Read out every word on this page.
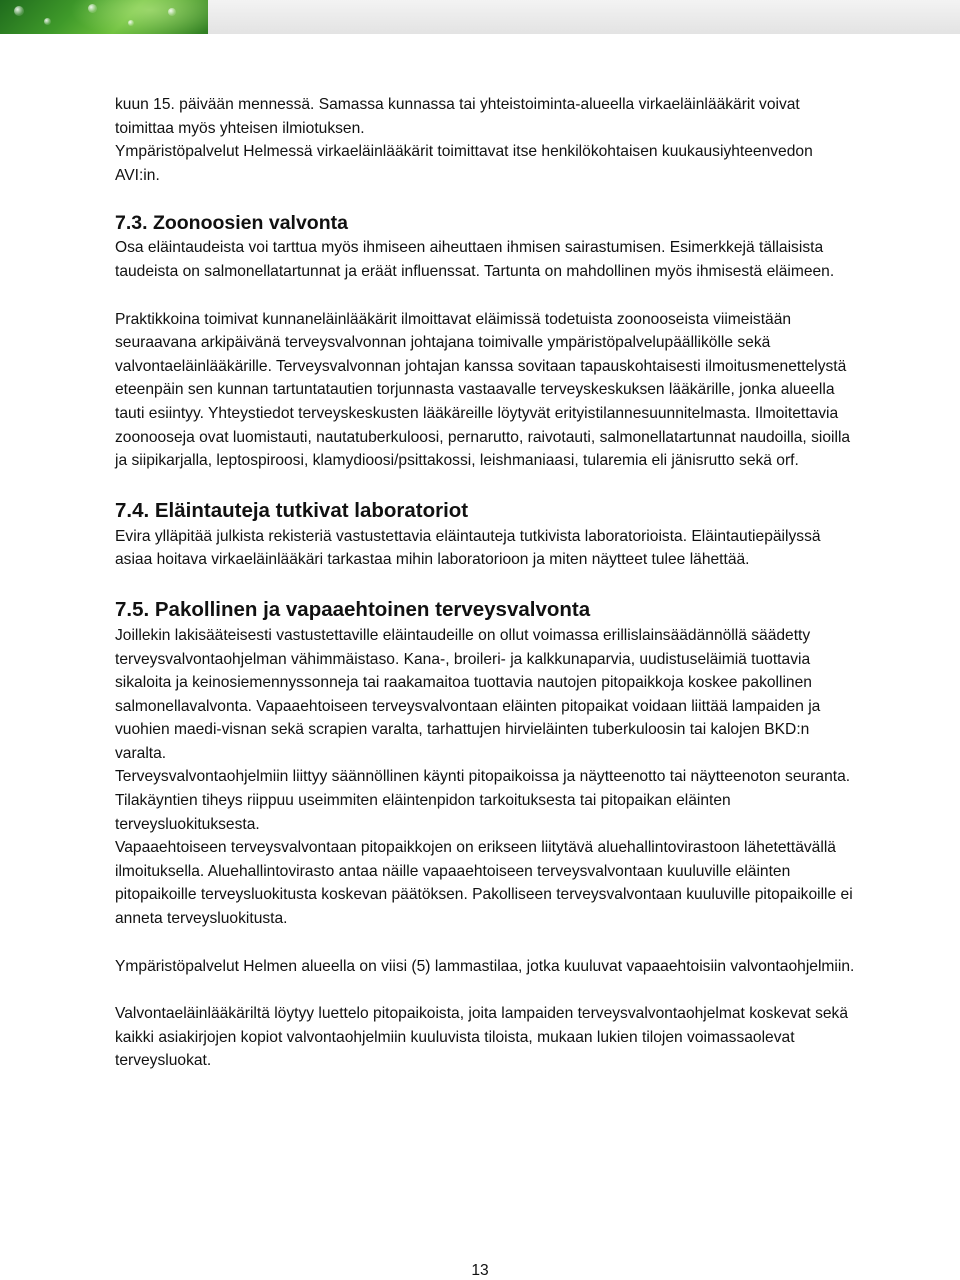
kuun 15. päivään mennessä. Samassa kunnassa tai yhteistoiminta-alueella virkaeläinlääkärit voivat toimittaa myös yhteisen ilmiotuksen.

Ympäristöpalvelut Helmessä virkaeläinlääkärit toimittavat itse henkilökohtaisen kuukausiyhteenvedon AVI:in.

7.3. Zoonoosien valvonta

Osa eläintaudeista voi tarttua myös ihmiseen aiheuttaen ihmisen sairastumisen. Esimerkkejä tällaisista taudeista on salmonellatartunnat ja eräät influenssat. Tartunta on mahdollinen myös ihmisestä eläimeen.

Praktikkoina toimivat kunnaneläinlääkärit ilmoittavat eläimissä todetuista zoonooseista viimeistään seuraavana arkipäivänä terveysvalvonnan johtajana toimivalle ympäristöpalvelupäällikölle sekä valvontaeläinlääkärille. Terveysvalvonnan johtajan kanssa sovitaan tapauskohtaisesti ilmoitusmenettelystä eteenpäin sen kunnan tartuntatautien torjunnasta vastaavalle terveyskeskuksen lääkärille, jonka alueella tauti esiintyy. Yhteystiedot terveyskeskusten lääkäreille löytyvät erityistilannesuunnitelmasta. Ilmoitettavia zoonooseja ovat luomistauti, nautatuberkuloosi, pernarutto, raivotauti, salmonellatartunnat naudoilla, sioilla ja siipikarjalla, leptospiroosi, klamydioosi/psittakossi, leishmaniaasi, tularemia eli jänisrutto sekä orf.

7.4. Eläintauteja tutkivat laboratoriot

Evira ylläpitää julkista rekisteriä vastustettavia eläintauteja tutkivista laboratorioista. Eläintautiepäilyssä asiaa hoitava virkaeläinlääkäri tarkastaa mihin laboratorioon ja miten näytteet tulee lähettää.

7.5. Pakollinen ja vapaaehtoinen terveysvalvonta

Joillekin lakisääteisesti vastustettaville eläintaudeille on ollut voimassa erillislainsäädännöllä säädetty terveysvalvontaohjelman vähimmäistaso. Kana-, broileri- ja kalkkunaparvia, uudistuseläimiä tuottavia sikaloita ja keinosiemennyssonneja tai raakamaitoa tuottavia nautojen pitopaikkoja koskee pakollinen salmonellavalvonta. Vapaaehtoiseen terveysvalvontaan eläinten pitopaikat voidaan liittää lampaiden ja vuohien maedi-visnan sekä scrapien varalta, tarhattujen hirvieläinten tuberkuloosin tai kalojen BKD:n varalta.

Terveysvalvontaohjelmiin liittyy säännöllinen käynti pitopaikoissa ja näytteenotto tai näytteenoton seuranta. Tilakäyntien tiheys riippuu useimmiten eläintenpidon tarkoituksesta tai pitopaikan eläinten terveysluokituksesta.

Vapaaehtoiseen terveysvalvontaan pitopaikkojen on erikseen liitytävä aluehallintovirastoon lähetettävällä ilmoituksella. Aluehallintovirasto antaa näille vapaaehtoiseen terveysvalvontaan kuuluville eläinten pitopaikoille terveysluokitusta koskevan päätöksen. Pakolliseen terveysvalvontaan kuuluville pitopaikoille ei anneta terveysluokitusta.

Ympäristöpalvelut Helmen alueella on viisi (5) lammastilaa, jotka kuuluvat vapaaehtoisiin valvontaohjelmiin.

Valvontaeläinlääkäriltä löytyy luettelo pitopaikoista, joita lampaiden terveysvalvontaohjelmat koskevat sekä kaikki asiakirjojen kopiot valvontaohjelmiin kuuluvista tiloista, mukaan lukien tilojen voimassaolevat terveysluokat.

13
